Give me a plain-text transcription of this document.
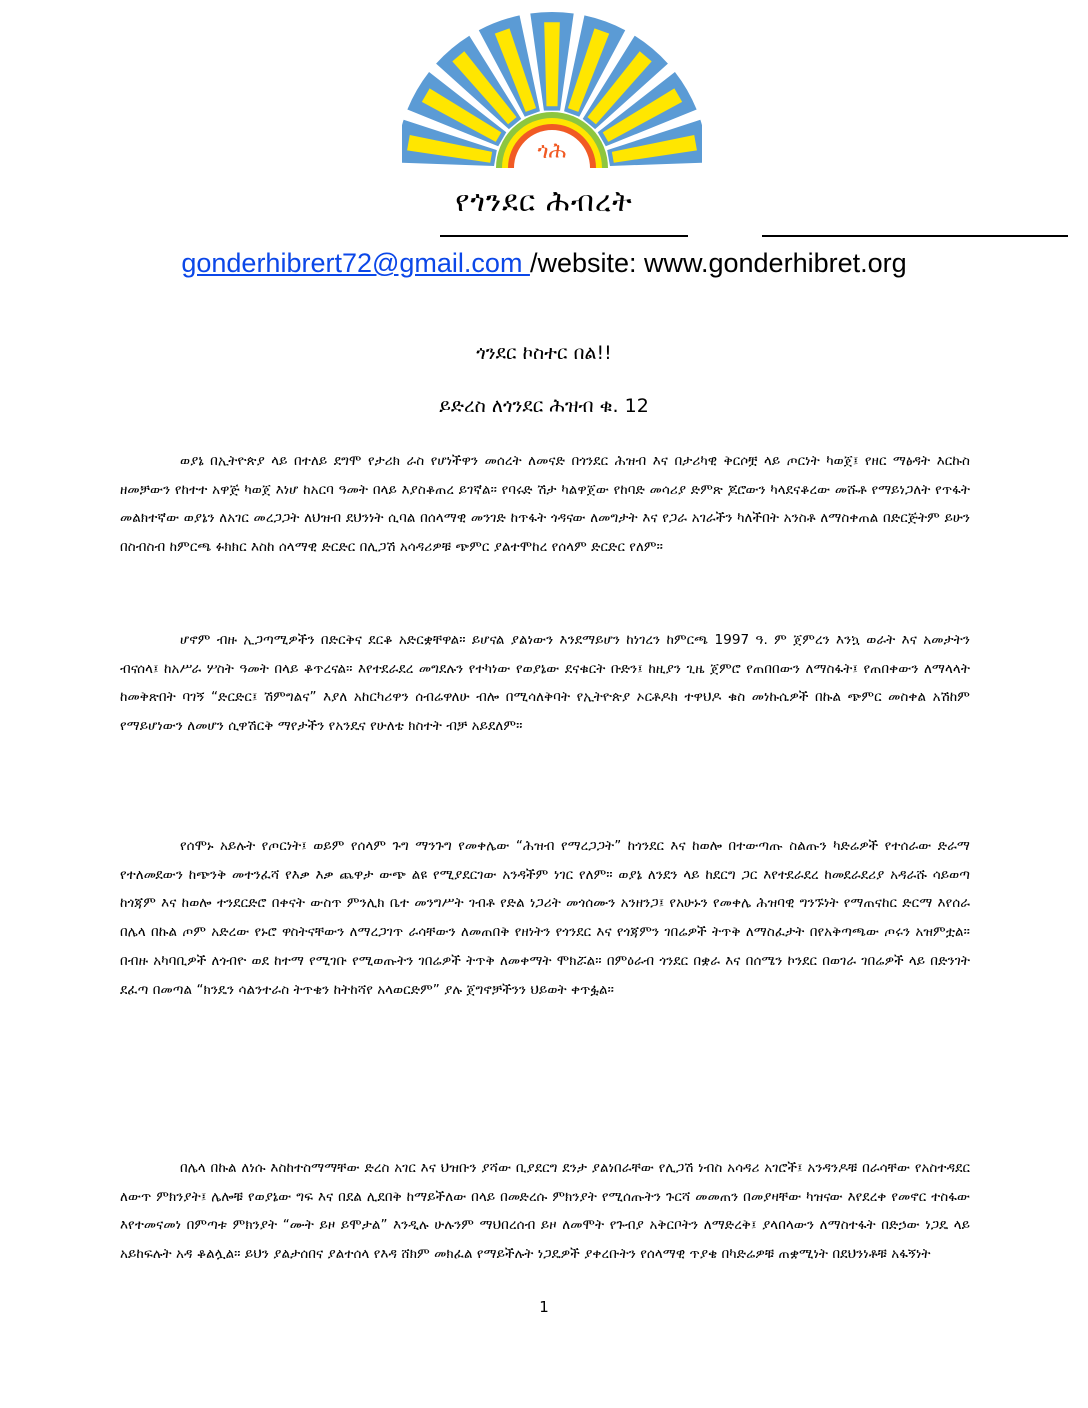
ጎሕ
የጎንደር ሕብረት
gonderhibrert72@gmail.com /website: www.gonderhibret.org
ጎንደር ኮስተር በል!!
ይድረስ ለጎንደር ሕዝብ ቁ. 12

ወያኔ በኢትዮጵያ ላይ በተለይ ደግሞ የታሪክ ራስ የሆነችዋን መሰረት ለመናድ በጎንደር ሕዝብ እና በታሪካዊ ቅርሶቿ ላይ ጦርነት ካወጀ፤ የዘር ማፅዳት እርኩስ ዘመቻውን የከተተ አዋጅ ካወጀ እነሆ ከአርባ ዓመት በላይ እያስቆጠረ ይገኛል። የባሩድ ሽታ ካልዋጀው የከባድ መሳሪያ ድምጽ ጆሮውን ካላደናቆረው መሹቶ የማይነጋለት የጥፋት መልክተኛው ወያኔን ለአገር መረጋጋት ለህዝብ ደህንነት ሲባል በሰላማዊ መንገድ ከጥፋት ጎዳናው ለመግታት እና የጋራ አገራችን ካለችበት አንስቶ ለማስቀጠል በድርጅትም ይሁን በስብስብ ከምርጫ ፉክክር እስከ ሰላማዊ ድርድር በሊጋሽ አሳዳሪዎቹ ጭምር ያልተሞከረ የሰላም ድርድር የለም።

ሆኖም ብዙ ኢጋጣሚዎችን በድርቅና ደርቆ አድርቋቸዋል። ይሆናል ያልነውን እንደማይሆን ከነገረን ከምርጫ 1997 ዓ. ም ጀምረን እንኳ ወራት እና አመታትን ብናሰላ፤ ከአሥራ ሦስት ዓመት በላይ ቆጥረናል። እየተደራደረ መግደሉን የተካነው የወያኔው ደናቁርት ቡድን፤ ከዚያን ጊዜ ጀምሮ የጠበበውን ለማስፋት፤ የጠበቀውን ለማላላት ከመቅጽበት ባገኝ “ድርድር፤ ሽምግልና” እያለ አከርካሪዋን ሰብሬዋለሁ ብሎ በሚሳለቅባት የኢትዮጵያ ኦርቶዶክ ተዋህዶ ቁስ መነኩሴዎች በኩል ጭምር መስቀል አሽከም የማይሆነውን ለመሆን ሲዋሽርቅ ማየታችን የአንዴና የሁለቴ ክስተት ብቻ አይደለም።

የሰሞኑ አይሉት የጦርነት፤ ወይም የሰላም ጉግ ማንጉግ የመቀሌው “ሕዝብ የማረጋጋት” ከጎንደር እና ከወሎ በተውጣጡ ስልጡን ካድሬዎች የተሰራው ድራማ የተለመደውን ከጭንቅ መተንፈሻ የእቃ እቃ ጨዋታ ውጭ ልዩ የሚያደርገው አንዳችም ነገር የለም። ወያኔ ለንደን ላይ ከደርግ ጋር እየተደራደረ ከመደራደሪያ አዳራሹ ሳይወጣ ከጎጃም እና ከወሎ ተንደርድሮ በቀናት ውስጥ ምንሊክ ቤተ መንግሥት ገብቶ የድል ነጋሪት መጎሰሙን አንዘንጋ፤ የአሁኑን የመቀሌ ሕዝባዊ ግንኙነት የማጠናከር ድርማ እየሰራ በሌላ በኩል ጦም አድረው የኑሮ ዋስትናቸውን ለማረጋገጥ ራሳቸውን ለመጠበቅ የዘነትን የጎንደር እና የጎጃምን ገበሬዎች ትጥቅ ለማስፈታት በየአቅጣጫው ጦሩን አዝምቷል። በብዙ አካባቢዎች ለጎብዮ ወደ ከተማ የሚገቡ የሚወጡትን ገበሬዎች ትጥቅ ለመቀማት ሞክሯል። በምዕራብ ጎንደር በቋራ እና በሰሜን ኮንደር በወገራ ገበሬዎች ላይ በድንገት ደፈጣ በመጣል “ክንዴን ሳልንተራስ ትጥቄን ከትከሻየ አላወርድም” ያሉ ጀግኖቻችንን ህይወት ቀጥፏል።

በሌላ በኩል ለነሱ እስከተስማማቸው ድረስ አገር እና ህዝቡን ያሻው ቢያደርግ ደንታ ያልነበራቸው የሊጋሽ ነብስ አሳዳሪ አገሮች፤ አንዳንዶቹ በራሳቸው የአስተዳደር ለውጥ ምክንያት፤ ሌሎቹ የወያኔው ግፍ እና በደል ሊደበቅ ከማይችለው በላይ በመድረሱ ምክንያት የሚሰጡትን ጉርሻ መመጠን በመያዛቸው ካዝናው እየደረቀ የመኖር ተስፋው እየተመናመነ በምጣቱ ምክንያት “ሙት ይዞ ይሞታል” እንዲሉ ሁሉንም ማህበረሰብ ይዞ ለመሞት የጉብያ አቅርቦትን ለማድረቅ፤ ያላበላውን ለማስተፋት በድኃው ነጋዴ ላይ አይከፍሉት አዳ ቆልሏል። ይህን ያልታሰበና ያልተሰላ የእዳ ሸክም መክፈል የማይችሉት ነጋዴዎች ያቀረቡትን የሰላማዊ ጥያቄ በካድሬዎቹ ጠቋሚነት በደህንነቶቹ አፋኝነት

1
